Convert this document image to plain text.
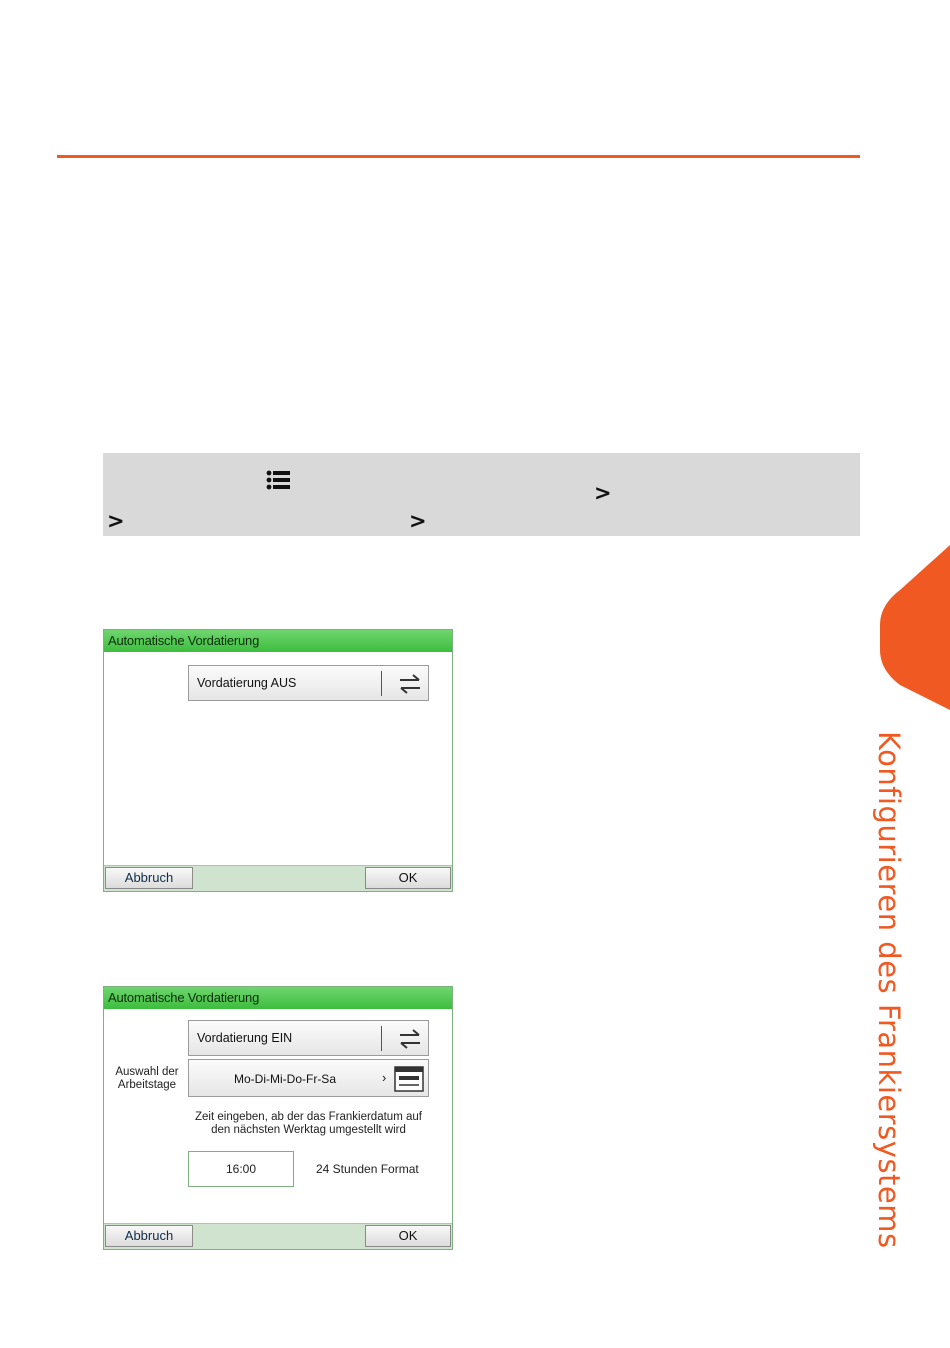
>
>	>
Automatische Vordatierung
Vordatierung AUS
Abbruch	OK
Automatische Vordatierung
Vordatierung EIN
Auswahl der Arbeitstage	Mo-Di-Mi-Do-Fr-Sa	›
Zeit eingeben, ab der das Frankierdatum auf den nächsten Werktag umgestellt wird
16:00	24 Stunden Format
Abbruch	OK	Konfigurieren des Frankiersystems
